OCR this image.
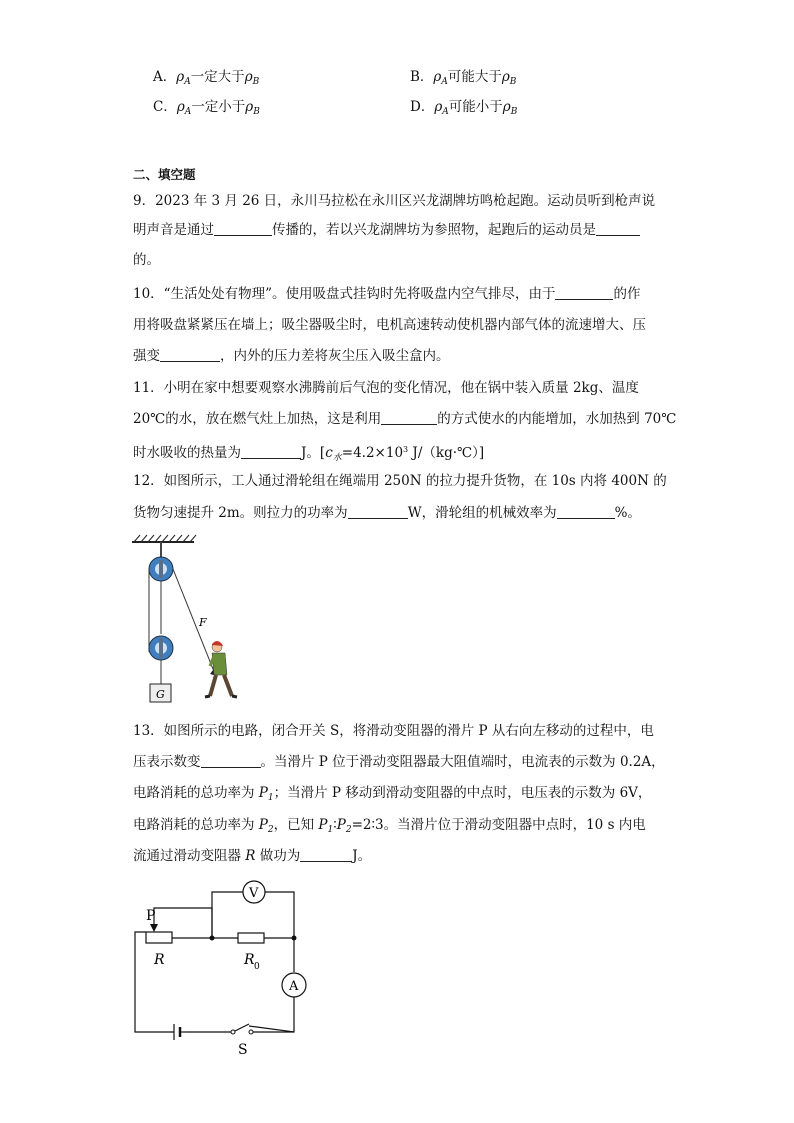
A．$\rho_A$一定大于$\rho_B$	B．$\rho_A$可能大于$\rho_B$
C．$\rho_A$一定小于$\rho_B$	D．$\rho_A$可能小于$\rho_B$
二、填空题
9．2023 年 3 月 26 日，永川马拉松在永川区兴龙湖牌坊鸣枪起跑。运动员听到枪声说
明声音是通过	传播的，若以兴龙湖牌坊为参照物，起跑后的运动员是
的。
10．“生活处处有物理”。使用吸盘式挂钩时先将吸盘内空气排尽，由于	的作
用将吸盘紧紧压在墙上；吸尘器吸尘时，电机高速转动使机器内部气体的流速增大、压
强变	，内外的压力差将灰尘压入吸尘盒内。
11．小明在家中想要观察水沸腾前后气泡的变化情况，他在锅中装入质量 2kg、温度
20℃的水，放在燃气灶上加热，这是利用	的方式使水的内能增加，水加热到 70℃
时水吸收的热量为	J。[$c_水=4.2\times 10^3$ J/（kg·℃）]
12．如图所示，工人通过滑轮组在绳端用 250N 的拉力提升货物，在 10s 内将 400N 的
货物匀速提升 2m。则拉力的功率为	W，滑轮组的机械效率为	%。
F
G
13．如图所示的电路，闭合开关 S，将滑动变阻器的滑片 P 从右向左移动的过程中，电
压表示数变	。当滑片 P 位于滑动变阻器最大阻值端时，电流表的示数为 0.2A，
电路消耗的总功率为 $P_1$；当滑片 P 移动到滑动变阻器的中点时，电压表的示数为 6V，
电路消耗的总功率为 $P_2$，已知 $P_1∶P_2=2∶3$。当滑片位于滑动变阻器中点时，10 s 内电
流通过滑动变阻器 R 做功为	J。
P
R	R 0
V
A
S
